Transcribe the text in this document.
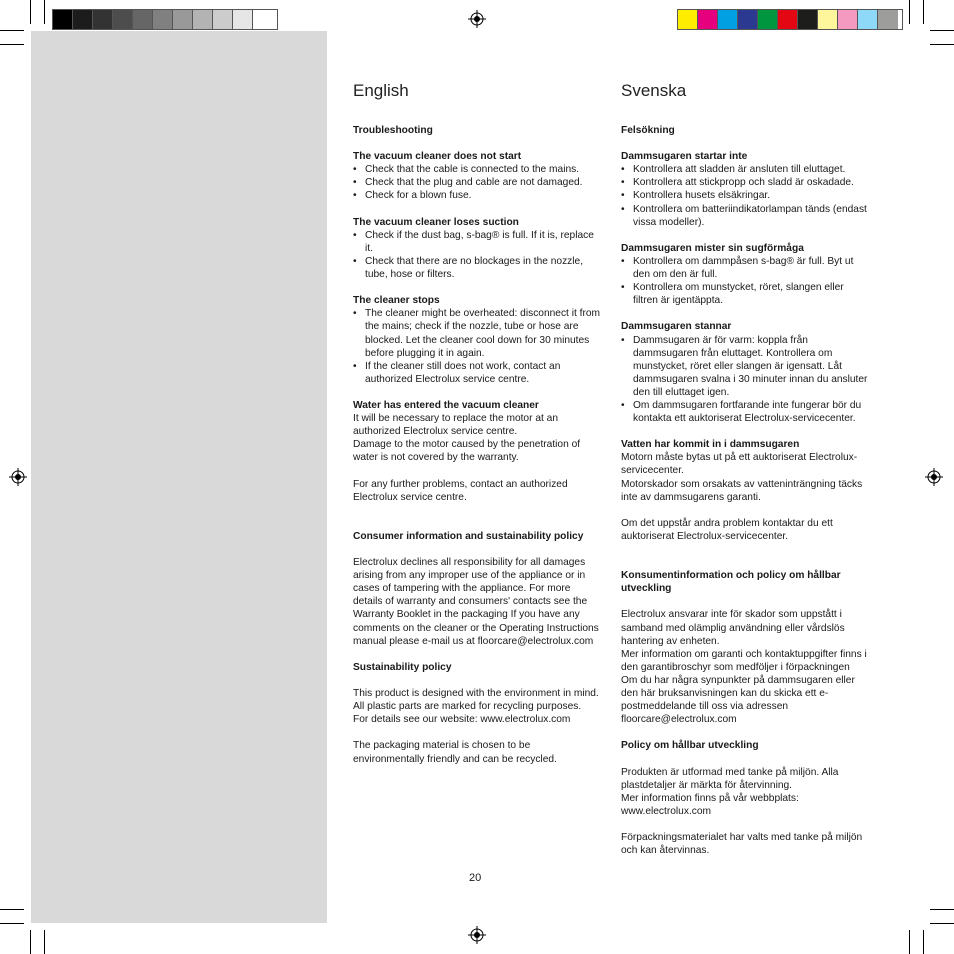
English
Troubleshooting
The vacuum cleaner does not start
• Check that the cable is connected to the mains.
• Check that the plug and cable are not damaged.
• Check for a blown fuse.
The vacuum cleaner loses suction
• Check if the dust bag, s-bag® is full. If it is, replace it.
• Check that there are no blockages in the nozzle, tube, hose or filters.
The cleaner stops
• The cleaner might be overheated: disconnect it from the mains; check if the nozzle, tube or hose are blocked. Let the cleaner cool down for 30 minutes before plugging it in again.
• If the cleaner still does not work, contact an authorized Electrolux service centre.
Water has entered the vacuum cleaner

It will be necessary to replace the motor at an authorized Electrolux service centre.

Damage to the motor caused by the penetration of water is not covered by the warranty.

For any further problems, contact an authorized Electrolux service centre.

Consumer information and sustainability policy

Electrolux declines all responsibility for all damages arising from any improper use of the appliance or in cases of tampering with the appliance. For more details of warranty and consumers' contacts see the Warranty Booklet in the packaging If you have any comments on the cleaner or the Operating Instructions manual please e-mail us at floorcare@electrolux.com

Sustainability policy

This product is designed with the environment in mind. All plastic parts are marked for recycling purposes.

For details see our website: www.electrolux.com

The packaging material is chosen to be environmentally friendly and can be recycled.

Svenska
Felsökning
Dammsugaren startar inte
• Kontrollera att sladden är ansluten till eluttaget.
• Kontrollera att stickpropp och sladd är oskadade.
• Kontrollera husets elsäkringar.
• Kontrollera om batteriindikatorlampan tänds (endast vissa modeller).
Dammsugaren mister sin sugförmåga
• Kontrollera om dammpåsen s-bag® är full. Byt ut den om den är full.
• Kontrollera om munstycket, röret, slangen eller filtren är igentäppta.
Dammsugaren stannar
• Dammsugaren är för varm: koppla från dammsugaren från eluttaget. Kontrollera om munstycket, röret eller slangen är igensatt. Låt dammsugaren svalna i 30 minuter innan du ansluter den till eluttaget igen.
• Om dammsugaren fortfarande inte fungerar bör du kontakta ett auktoriserat Electrolux-servicecenter.
Vatten har kommit in i dammsugaren

Motorn måste bytas ut på ett auktoriserat Electrolux-servicecenter.

Motorskador som orsakats av vatteninträngning täcks inte av dammsugarens garanti.

Om det uppstår andra problem kontaktar du ett auktoriserat Electrolux-servicecenter.

Konsumentinformation och policy om hållbar utveckling

Electrolux ansvarar inte för skador som uppstått i samband med olämplig användning eller vårdslös hantering av enheten.

Mer information om garanti och kontaktuppgifter finns i den garantibroschyr som medföljer i förpackningen

Om du har några synpunkter på dammsugaren eller den här bruksanvisningen kan du skicka ett e-postmeddelande till oss via adressen floorcare@electrolux.com

Policy om hållbar utveckling

Produkten är utformad med tanke på miljön. Alla plastdetaljer är märkta för återvinning.

Mer information finns på vår webbplats: www.electrolux.com

Förpackningsmaterialet har valts med tanke på miljön och kan återvinnas.

20
